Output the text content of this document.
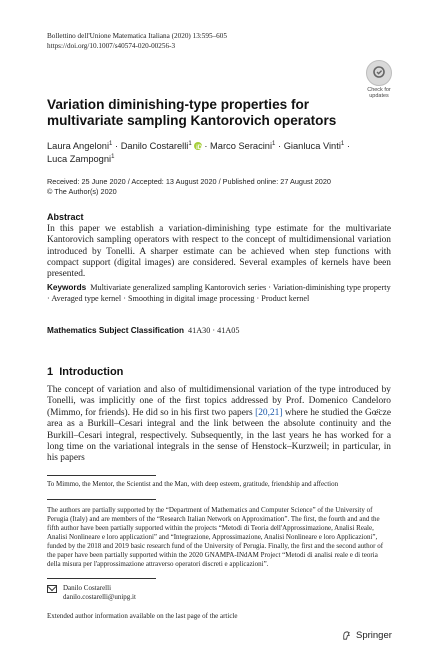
Bollettino dell'Unione Matematica Italiana (2020) 13:595–605
https://doi.org/10.1007/s40574-020-00256-3
Check for
updates
Variation diminishing-type properties for multivariate sampling Kantorovich operators
Laura Angeloni$^1$ · Danilo Costarelli$^1$
iD · Marco Seracini$^1$ · Gianluca Vinti$^1$ ·
Luca Zampogni$^1$
Received: 25 June 2020 / Accepted: 13 August 2020 / Published online: 27 August 2020
© The Author(s) 2020
Abstract
In this paper we establish a variation-diminishing type estimate for the multivariate Kantorovich sampling operators with respect to the concept of multidimensional variation introduced by Tonelli. A sharper estimate can be achieved when step functions with compact support (digital images) are considered. Several examples of kernels have been presented.
Keywords Multivariate generalized sampling Kantorovich series · Variation-diminishing type property · Averaged type kernel · Smoothing in digital image processing · Product kernel
Mathematics Subject Classification 41A30 · 41A05
1 Introduction
The concept of variation and also of multidimensional variation of the type introduced by Tonelli, was implicitly one of the first topics addressed by Prof. Domenico Candeloro (Mimmo, for friends). He did so in his first two papers [20,21] where he studied the Gœ̈cze area as a Burkill–Cesari integral and the link between the absolute continuity and the Burkill–Cesari integral, respectively. Subsequently, in the last years he has worked for a long time on the variational integrals in the sense of Henstock–Kurzweil; in particular, in his papers
To Mimmo, the Mentor, the Scientist and the Man, with deep esteem, gratitude, friendship and affection
The authors are partially supported by the “Department of Mathematics and Computer Science” of the University of Perugia (Italy) and are members of the “Research Italian Network on Approximation”. The first, the fourth and and the fifth author have been partially supported within the projects “Metodi di Teoria dell'Approssimazione, Analisi Reale, Analisi Nonlineare e loro applicazioni” and “Integrazione, Approssimazione, Analisi Nonlineare e loro Applicazioni”, funded by the 2018 and 2019 basic research fund of the University of Perugia. Finally, the first and the second author of the paper have been partially supported within the 2020 GNAMPA-INdAM Project “Metodi di analisi reale e di teoria della misura per l'approssimazione attraverso operatori discreti e applicazioni”.
Danilo Costarelli
danilo.costarelli@unipg.it
Extended author information available on the last page of the article
Springer
